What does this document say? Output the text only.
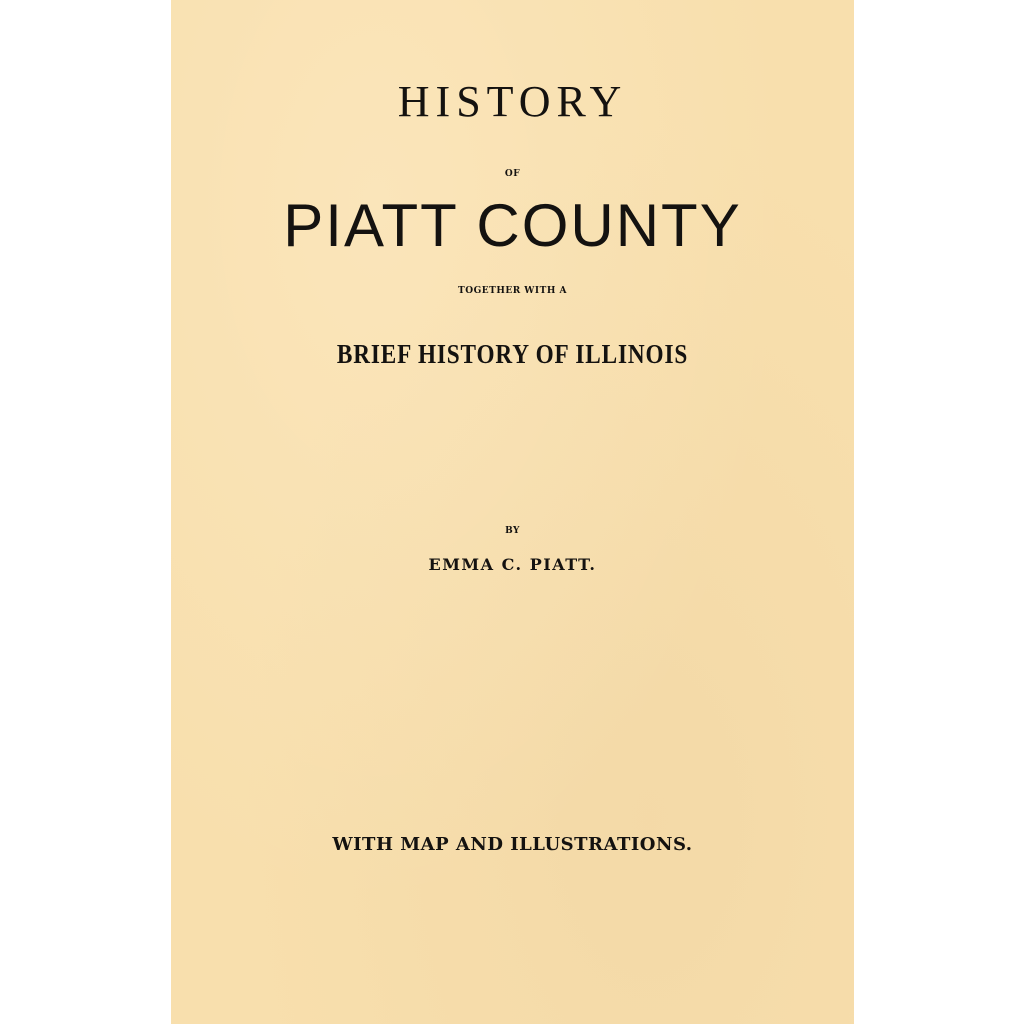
HISTORY
OF
PIATT COUNTY
TOGETHER WITH A
BRIEF HISTORY OF ILLINOIS
BY
EMMA C. PIATT.
WITH MAP AND ILLUSTRATIONS.
